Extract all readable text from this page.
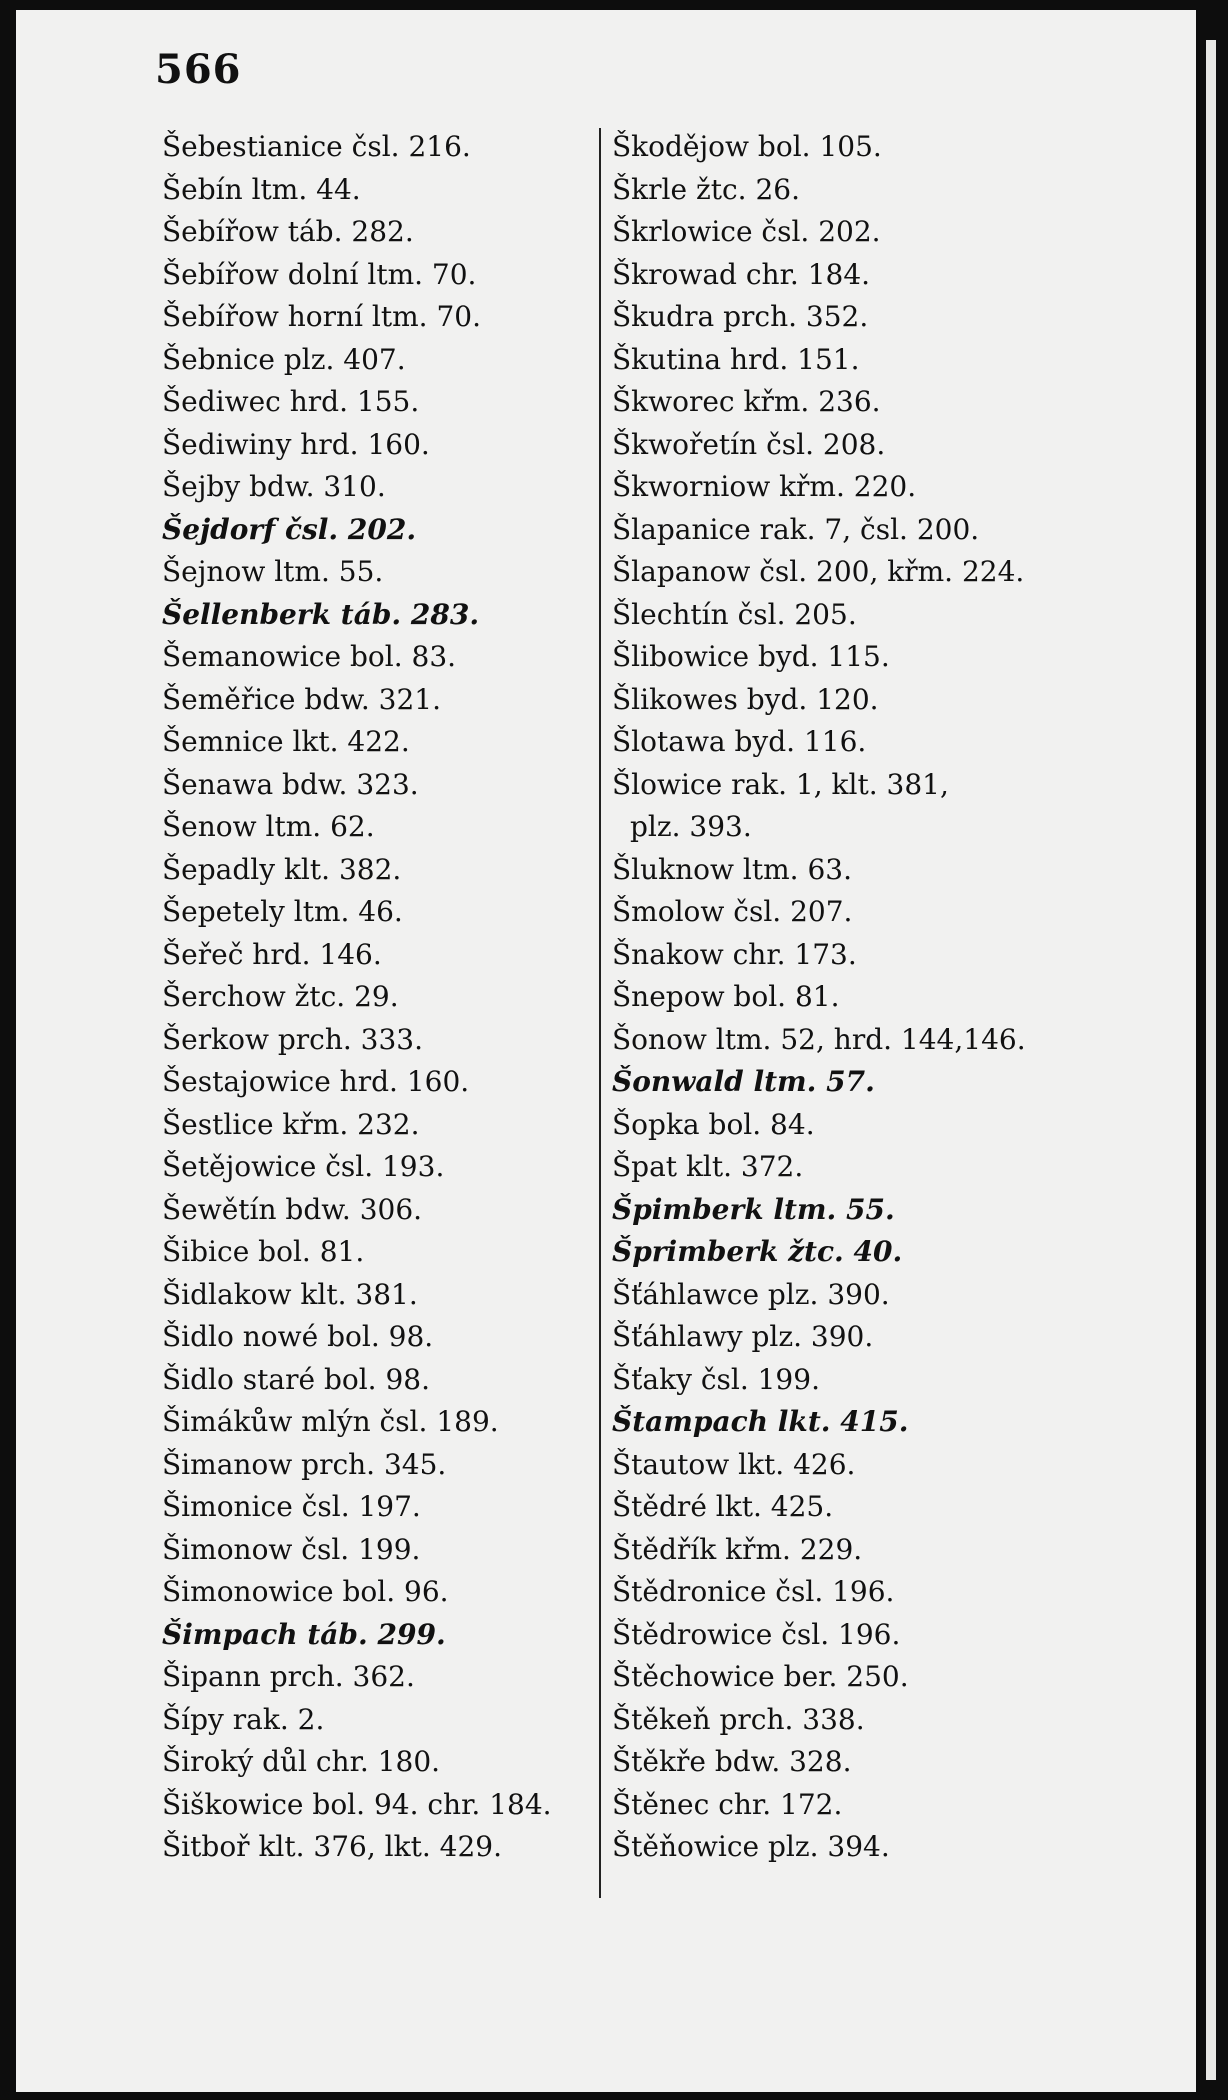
566
Šebestianice čsl. 216.
Šebín ltm. 44.
Šebířow táb. 282.
Šebířow dolní ltm. 70.
Šebířow horní ltm. 70.
Šebnice plz. 407.
Šediwec hrd. 155.
Šediwiny hrd. 160.
Šejby bdw. 310.
Šejdorf čsl. 202.
Šejnow ltm. 55.
Šellenberk táb. 283.
Šemanowice bol. 83.
Šeměřice bdw. 321.
Šemnice lkt. 422.
Šenawa bdw. 323.
Šenow ltm. 62.
Šepadly klt. 382.
Šepetely ltm. 46.
Šeřeč hrd. 146.
Šerchow žtc. 29.
Šerkow prch. 333.
Šestajowice hrd. 160.
Šestlice křm. 232.
Šetějowice čsl. 193.
Šewětín bdw. 306.
Šibice bol. 81.
Šidlakow klt. 381.
Šidlo nowé bol. 98.
Šidlo staré bol. 98.
Šimákůw mlýn čsl. 189.
Šimanow prch. 345.
Šimonice čsl. 197.
Šimonow čsl. 199.
Šimonowice bol. 96.
Šimpach táb. 299.
Šipann prch. 362.
Šípy rak. 2.
Široký důl chr. 180.
Šiškowice bol. 94. chr. 184.
Šitboř klt. 376, lkt. 429.
Škodějow bol. 105.
Škrle žtc. 26.
Škrlowice čsl. 202.
Škrowad chr. 184.
Škudra prch. 352.
Škutina hrd. 151.
Škworec křm. 236.
Škwořetín čsl. 208.
Škworniow křm. 220.
Šlapanice rak. 7, čsl. 200.
Šlapanow čsl. 200, křm. 224.
Šlechtín čsl. 205.
Šlibowice byd. 115.
Šlikowes byd. 120.
Šlotawa byd. 116.
Šlowice rak. 1, klt. 381,
plz. 393.
Šluknow ltm. 63.
Šmolow čsl. 207.
Šnakow chr. 173.
Šnepow bol. 81.
Šonow ltm. 52, hrd. 144,146.
Šonwald ltm. 57.
Šopka bol. 84.
Špat klt. 372.
Špimberk ltm. 55.
Šprimberk žtc. 40.
Šťáhlawce plz. 390.
Šťáhlawy plz. 390.
Šťaky čsl. 199.
Štampach lkt. 415.
Štautow lkt. 426.
Štědré lkt. 425.
Štědřík křm. 229.
Štědronice čsl. 196.
Štědrowice čsl. 196.
Štěchowice ber. 250.
Štěkeň prch. 338.
Štěkře bdw. 328.
Štěnec chr. 172.
Štěňowice plz. 394.
